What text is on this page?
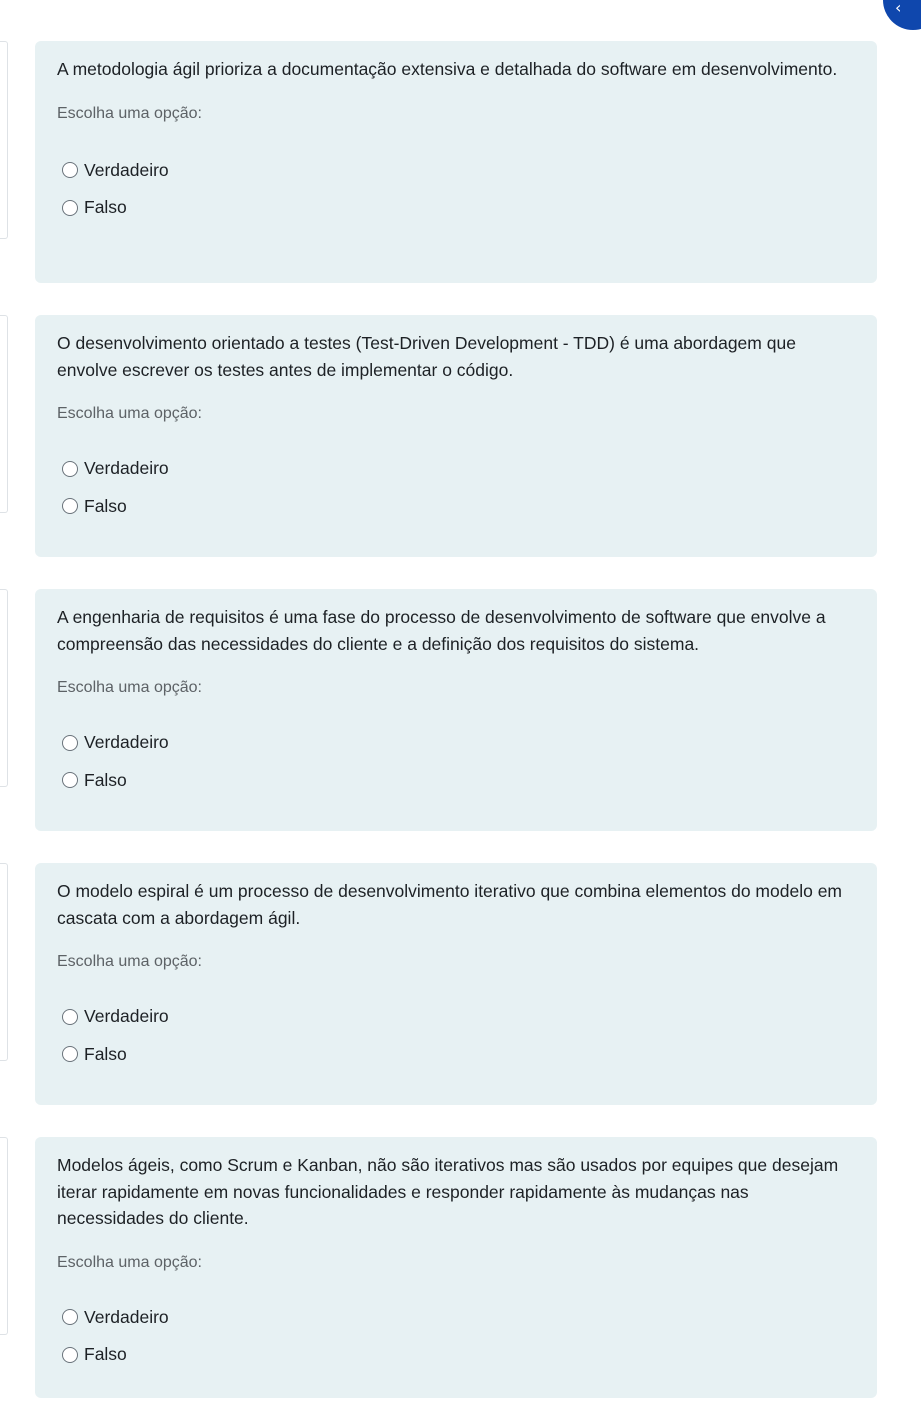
‹

A metodologia ágil prioriza a documentação extensiva e detalhada do software em desenvolvimento.

Escolha uma opção:
Verdadeiro
Falso

O desenvolvimento orientado a testes (Test-Driven Development - TDD) é uma abordagem que
envolve escrever os testes antes de implementar o código.

Escolha uma opção:
Verdadeiro
Falso

A engenharia de requisitos é uma fase do processo de desenvolvimento de software que envolve a
compreensão das necessidades do cliente e a definição dos requisitos do sistema.

Escolha uma opção:
Verdadeiro
Falso

O modelo espiral é um processo de desenvolvimento iterativo que combina elementos do modelo em
cascata com a abordagem ágil.

Escolha uma opção:
Verdadeiro
Falso

Modelos ágeis, como Scrum e Kanban, não são iterativos mas são usados por equipes que desejam
iterar rapidamente em novas funcionalidades e responder rapidamente às mudanças nas
necessidades do cliente.

Escolha uma opção:
Verdadeiro
Falso
